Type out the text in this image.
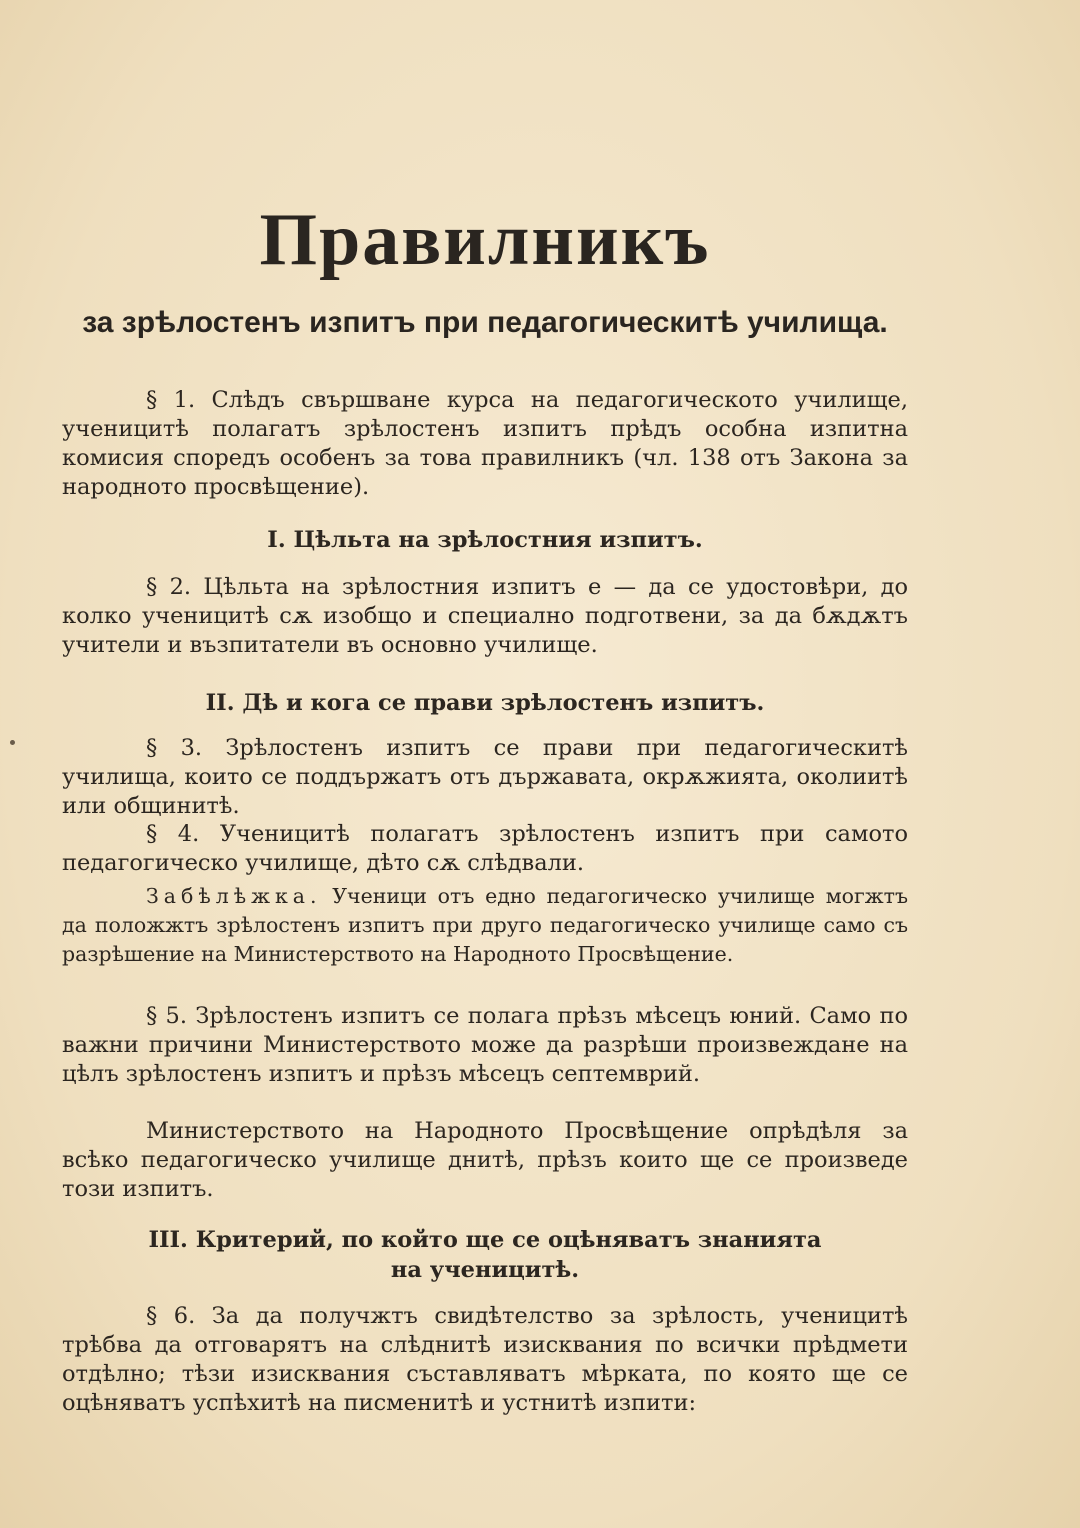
Правилникъ
за зрѣлостенъ изпитъ при педагогическитѣ училища.

§ 1. Слѣдъ свършване курса на педагогическото училище, ученицитѣ полагатъ зрѣлостенъ изпитъ прѣдъ особна изпитна комисия споредъ особенъ за това правилникъ (чл. 138 отъ Закона за народното просвѣщение).

I. Цѣльта на зрѣлостния изпитъ.

§ 2. Цѣльта на зрѣлостния изпитъ е — да се удостовѣри, до колко ученицитѣ сѫ изобщо и специално подготвени, за да бѫдѫтъ учители и възпитатели въ основно училище.

II. Дѣ и кога се прави зрѣлостенъ изпитъ.

§ 3. Зрѣлостенъ изпитъ се прави при педагогическитѣ училища, които се поддържатъ отъ държавата, окрѫжията, околиитѣ или общинитѣ.

§ 4. Ученицитѣ полагатъ зрѣлостенъ изпитъ при самото педагогическо училище, дѣто сѫ слѣдвали.

Забѣлѣжка. Ученици отъ едно педагогическо училище могжтъ да положжтъ зрѣлостенъ изпитъ при друго педагогическо училище само съ разрѣшение на Министерството на Народното Просвѣщение.

§ 5. Зрѣлостенъ изпитъ се полага прѣзъ мѣсецъ юний. Само по важни причини Министерството може да разрѣши произвеждане на цѣлъ зрѣлостенъ изпитъ и прѣзъ мѣсецъ септемврий.

Министерството на Народното Просвѣщение опрѣдѣля за всѣко педагогическо училище днитѣ, прѣзъ които ще се произведе този изпитъ.

III. Критерий, по който ще се оцѣняватъ знанията
на ученицитѣ.

§ 6. За да получжтъ свидѣтелство за зрѣлость, ученицитѣ трѣбва да отговарятъ на слѣднитѣ изисквания по всички прѣдмети отдѣлно; тѣзи изисквания съставляватъ мѣрката, по която ще се оцѣняватъ успѣхитѣ на писменитѣ и устнитѣ изпити:
